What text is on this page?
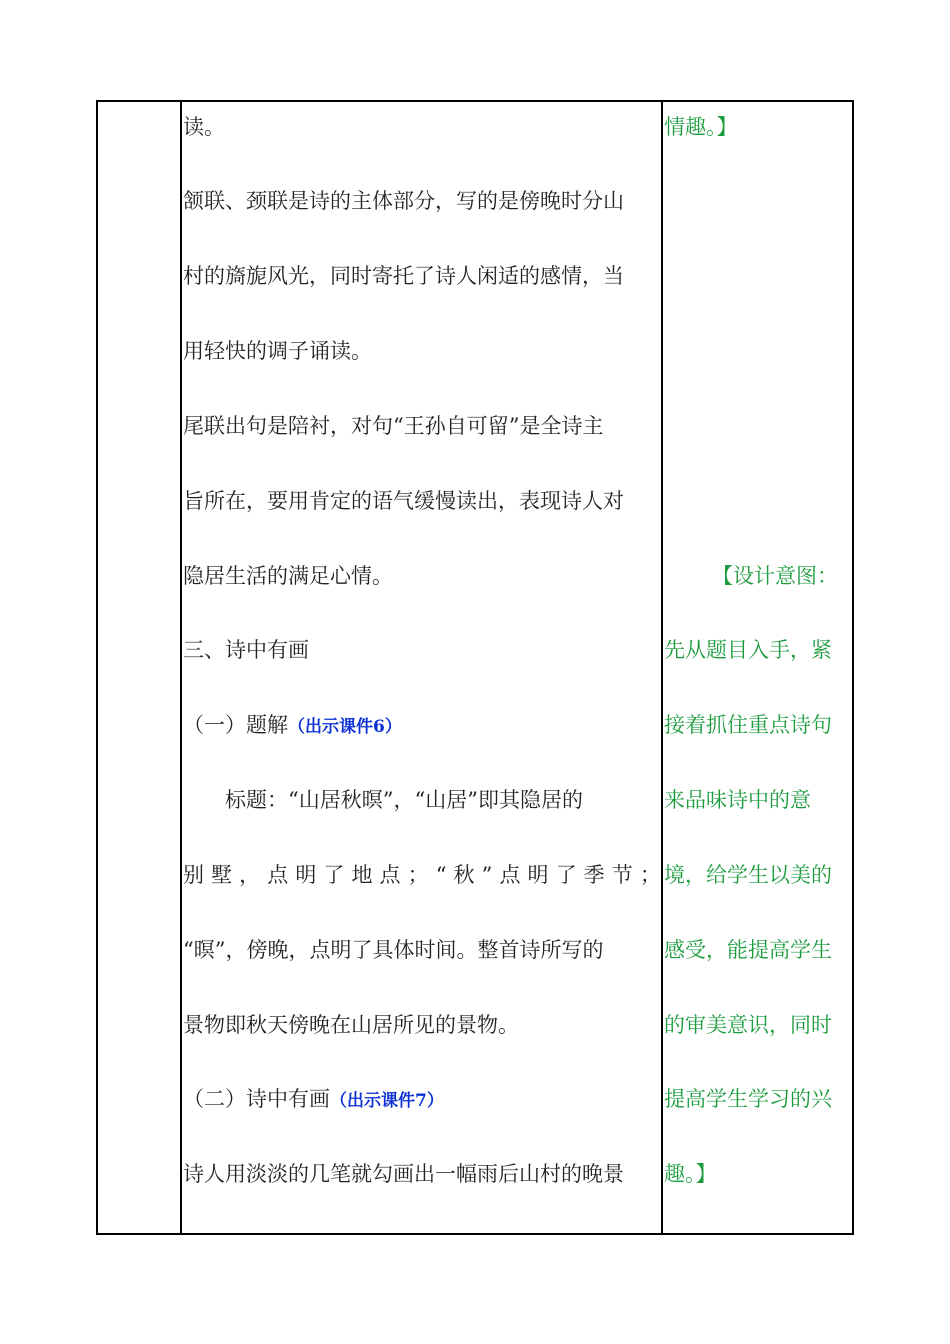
读。
颔联、颈联是诗的主体部分，写的是傍晚时分山
村的旖旎风光，同时寄托了诗人闲适的感情，当
用轻快的调子诵读。
尾联出句是陪衬，对句“王孙自可留”是全诗主
旨所在，要用肯定的语气缓慢读出，表现诗人对
隐居生活的满足心情。
三、诗中有画
（一）题解（出示课件6）
标题：“山居秋暝”，“山居”即其隐居的
别 墅 ， 点 明 了 地 点 ； “ 秋 ” 点 明 了 季 节 ；
“暝”，傍晚，点明了具体时间。整首诗所写的
景物即秋天傍晚在山居所见的景物。
（二）诗中有画（出示课件7）
诗人用淡淡的几笔就勾画出一幅雨后山村的晚景
情趣。】
【设计意图：
先从题目入手，紧
接着抓住重点诗句
来品味诗中的意
境，给学生以美的
感受，能提高学生
的审美意识，同时
提高学生学习的兴
趣。】
